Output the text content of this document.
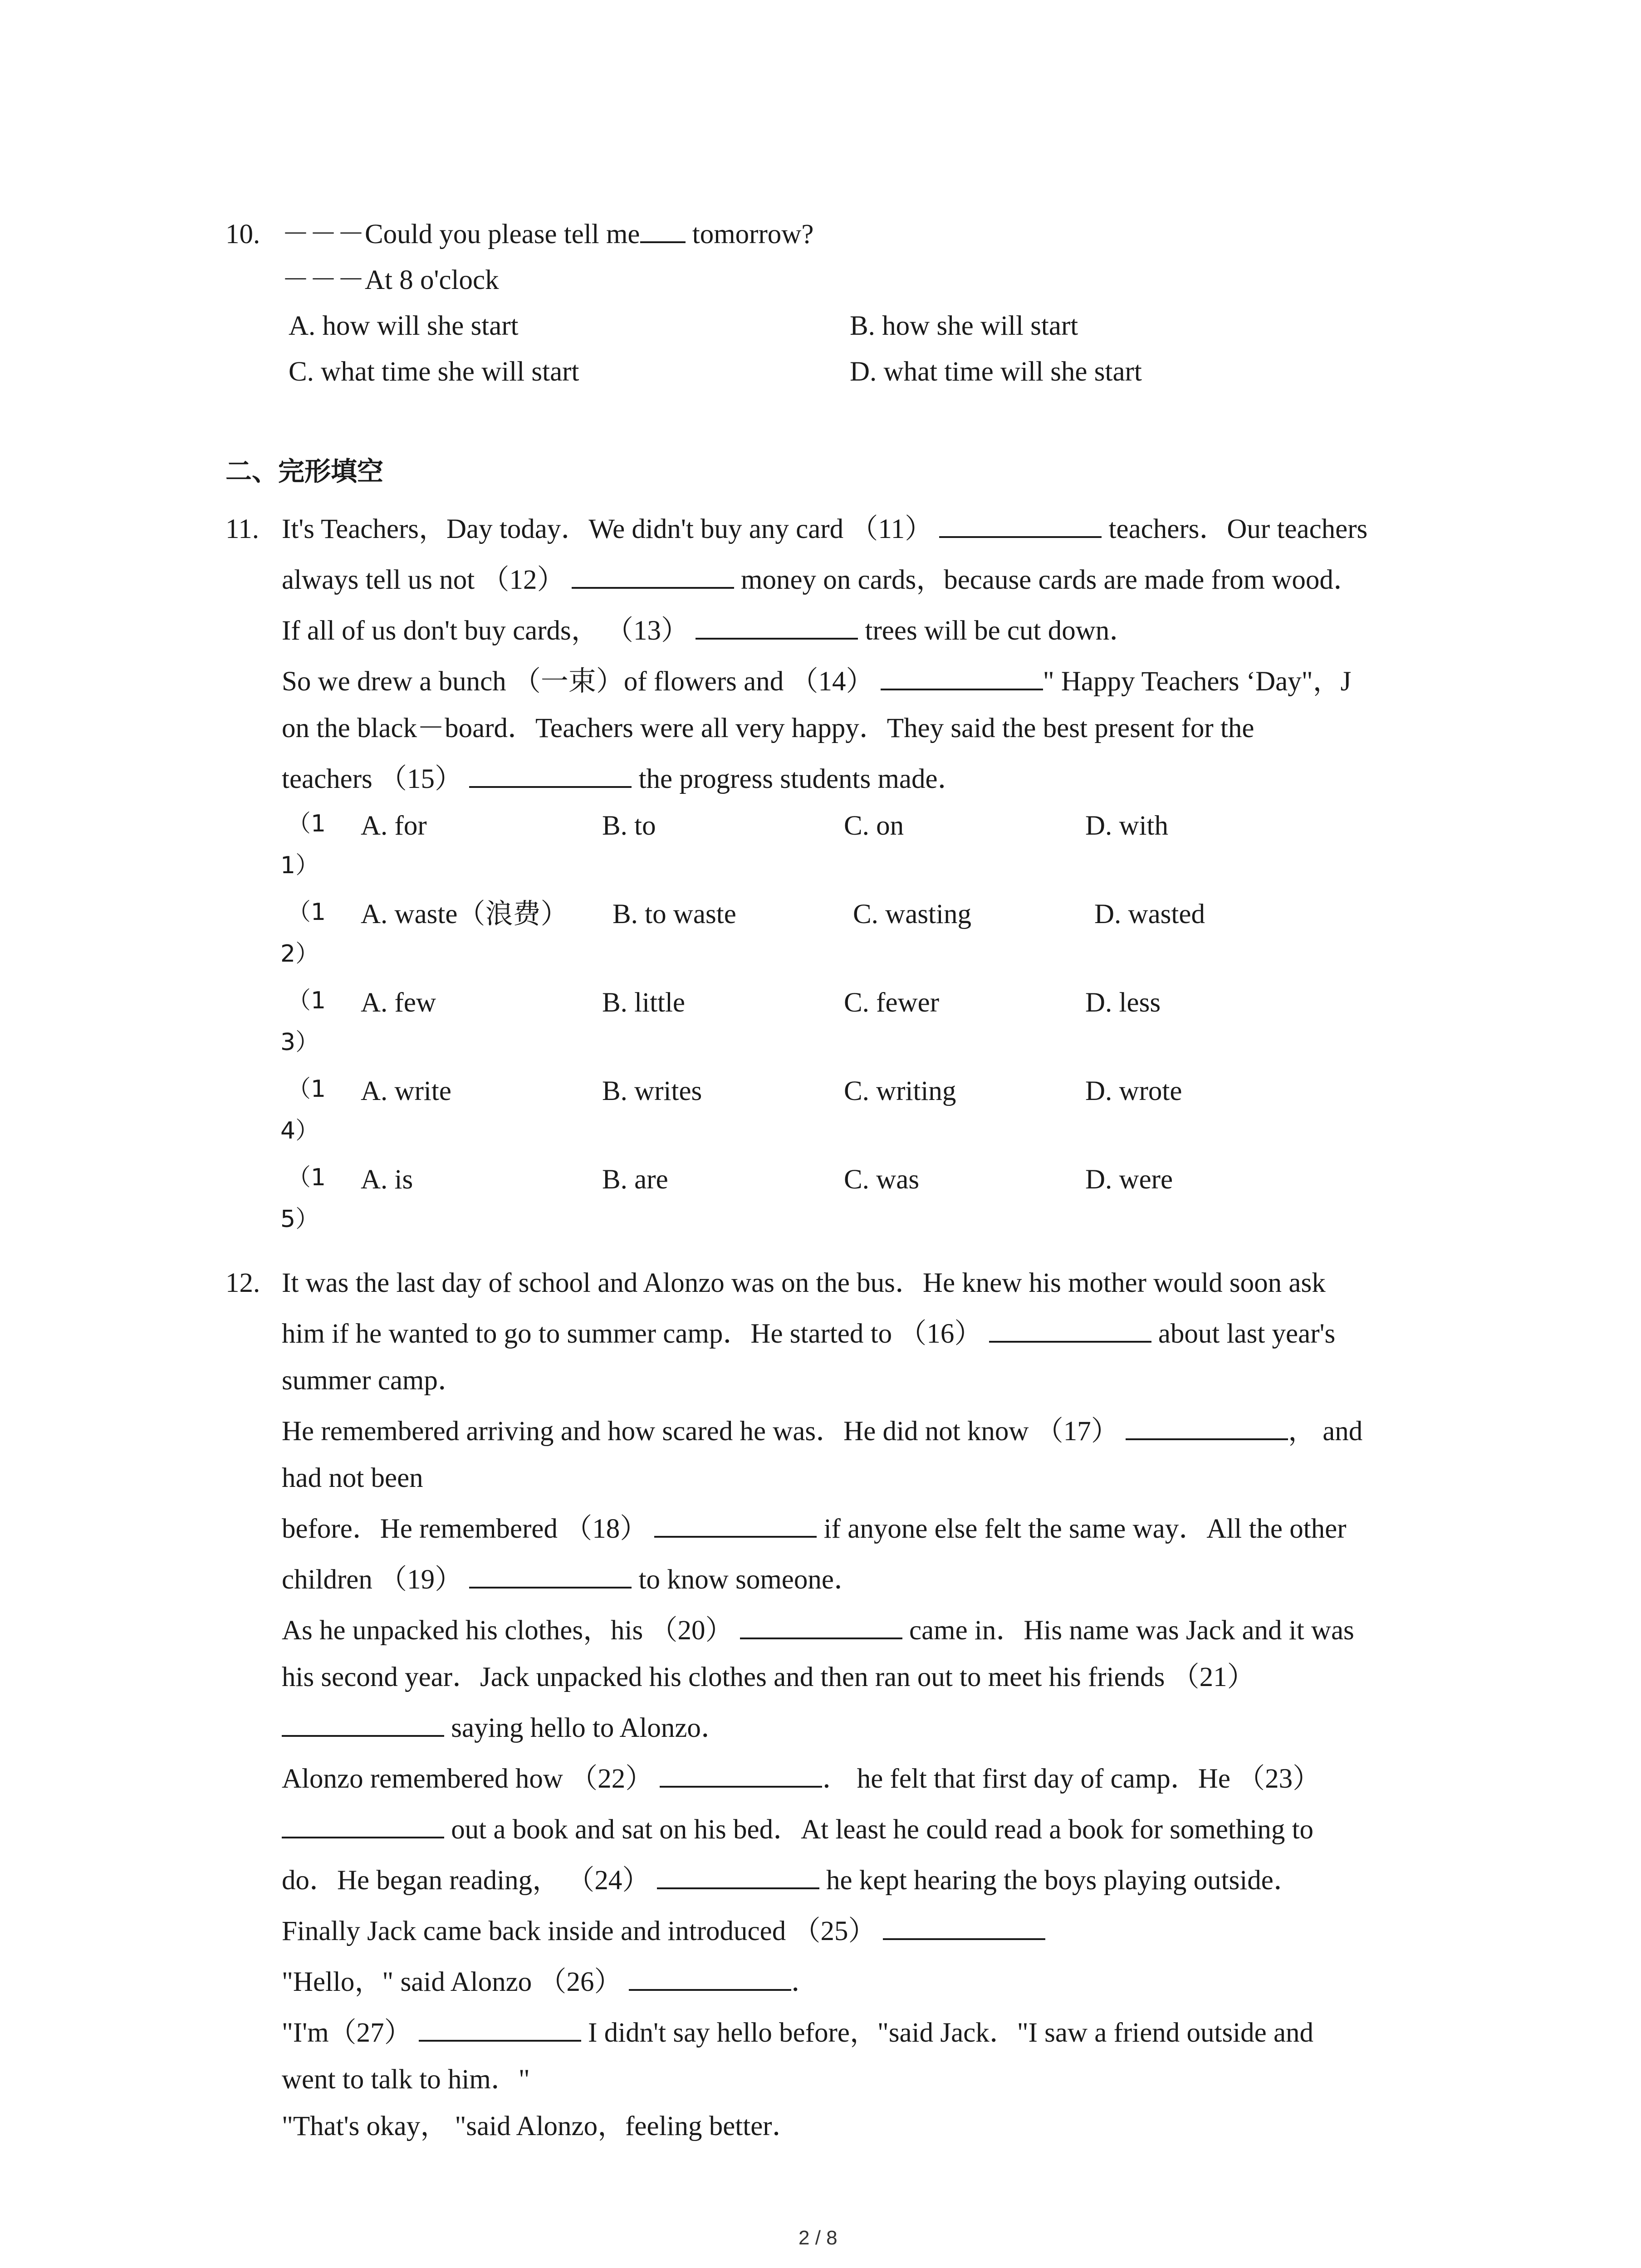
10. －－－Could you please tell me tomorrow?
－－－At 8 o'clock
A. how will she start	B. how she will start
C. what time she will start	D. what time will she start
二、完形填空
11. It's Teachers，Day today．We didn't buy any card （11）	teachers．Our teachers
always tell us not （12）	money on cards，because cards are made from wood．
If all of us don't buy cards， （13）	trees will be cut down．
So we drew a bunch （一束）of flowers and （14）	" Happy Teachers ‘Day"，J
on the black－board．Teachers were all very happy．They said the best present for the
teachers （15）	the progress students made．
（1
1）
A. for	B. to	C. on	D. with
（1
2）
A. waste（浪费） B. to waste	C. wasting	D. wasted
（1
3）
A. few	B. little	C. fewer	D. less
（1
4）
A. write	B. writes	C. writing	D. wrote
（1
5）
A. is	B. are	C. was	D. were
12. It was the last day of school and Alonzo was on the bus．He knew his mother would soon ask
him if he wanted to go to summer camp．He started to （16）	about last year's
summer camp．
He remembered arriving and how scared he was．He did not know （17）	， and
had not been
before．He remembered （18）	if anyone else felt the same way．All the other
children （19）	to know someone．
As he unpacked his clothes，his （20）	came in．His name was Jack and it was
his second year．Jack unpacked his clothes and then ran out to meet his friends （21）
saying hello to Alonzo．
Alonzo remembered how （22）	． he felt that first day of camp．He （23）
out a book and sat on his bed．At least he could read a book for something to
do．He began reading， （24）	he kept hearing the boys playing outside．
Finally Jack came back inside and introduced （25）
"Hello，" said Alonzo （26）	．
"I'm（27）	I didn't say hello before，"said Jack．"I saw a friend outside and
went to talk to him．"
"That's okay， "said Alonzo，feeling better．
2 / 8
